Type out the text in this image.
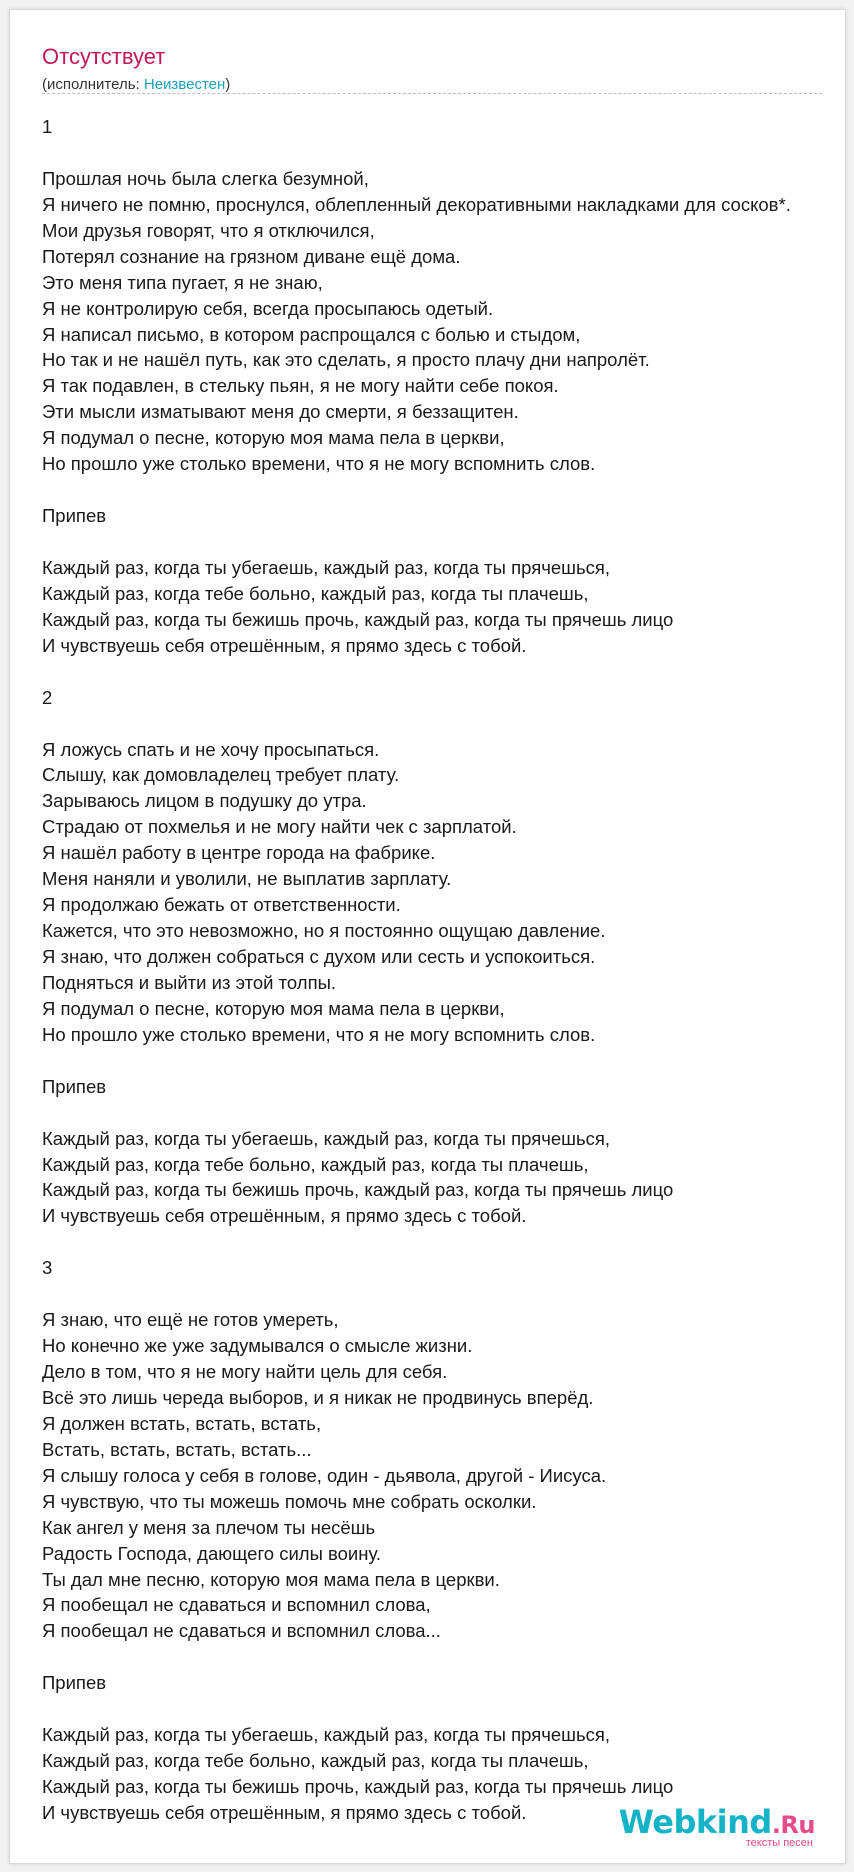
Отсутствует
(исполнитель: Неизвестен)
1
Прошлая ночь была слегка безумной,
Я ничего не помню, проснулся, облепленный декоративными накладками для сосков*.
Мои друзья говорят, что я отключился,
Потерял сознание на грязном диване ещё дома.
Это меня типа пугает, я не знаю,
Я не контролирую себя, всегда просыпаюсь одетый.
Я написал письмо, в котором распрощался с болью и стыдом,
Но так и не нашёл путь, как это сделать, я просто плачу дни напролёт.
Я так подавлен, в стельку пьян, я не могу найти себе покоя.
Эти мысли изматывают меня до смерти, я беззащитен.
Я подумал о песне, которую моя мама пела в церкви,
Но прошло уже столько времени, что я не могу вспомнить слов.
Припев
Каждый раз, когда ты убегаешь, каждый раз, когда ты прячешься,
Каждый раз, когда тебе больно, каждый раз, когда ты плачешь,
Каждый раз, когда ты бежишь прочь, каждый раз, когда ты прячешь лицо
И чувствуешь себя отрешённым, я прямо здесь с тобой.
2
Я ложусь спать и не хочу просыпаться.
Слышу, как домовладелец требует плату.
Зарываюсь лицом в подушку до утра.
Страдаю от похмелья и не могу найти чек с зарплатой.
Я нашёл работу в центре города на фабрике.
Меня наняли и уволили, не выплатив зарплату.
Я продолжаю бежать от ответственности.
Кажется, что это невозможно, но я постоянно ощущаю давление.
Я знаю, что должен собраться с духом или сесть и успокоиться.
Подняться и выйти из этой толпы.
Я подумал о песне, которую моя мама пела в церкви,
Но прошло уже столько времени, что я не могу вспомнить слов.
Припев
Каждый раз, когда ты убегаешь, каждый раз, когда ты прячешься,
Каждый раз, когда тебе больно, каждый раз, когда ты плачешь,
Каждый раз, когда ты бежишь прочь, каждый раз, когда ты прячешь лицо
И чувствуешь себя отрешённым, я прямо здесь с тобой.
3
Я знаю, что ещё не готов умереть,
Но конечно же уже задумывался о смысле жизни.
Дело в том, что я не могу найти цель для себя.
Всё это лишь череда выборов, и я никак не продвинусь вперёд.
Я должен встать, встать, встать,
Встать, встать, встать, встать...
Я слышу голоса у себя в голове, один - дьявола, другой - Иисуса.
Я чувствую, что ты можешь помочь мне собрать осколки.
Как ангел у меня за плечом ты несёшь
Радость Господа, дающего силы воину.
Ты дал мне песню, которую моя мама пела в церкви.
Я пообещал не сдаваться и вспомнил слова,
Я пообещал не сдаваться и вспомнил слова...
Припев
Каждый раз, когда ты убегаешь, каждый раз, когда ты прячешься,
Каждый раз, когда тебе больно, каждый раз, когда ты плачешь,
Каждый раз, когда ты бежишь прочь, каждый раз, когда ты прячешь лицо
И чувствуешь себя отрешённым, я прямо здесь с тобой.	Webkind.Ru
тексты песен
